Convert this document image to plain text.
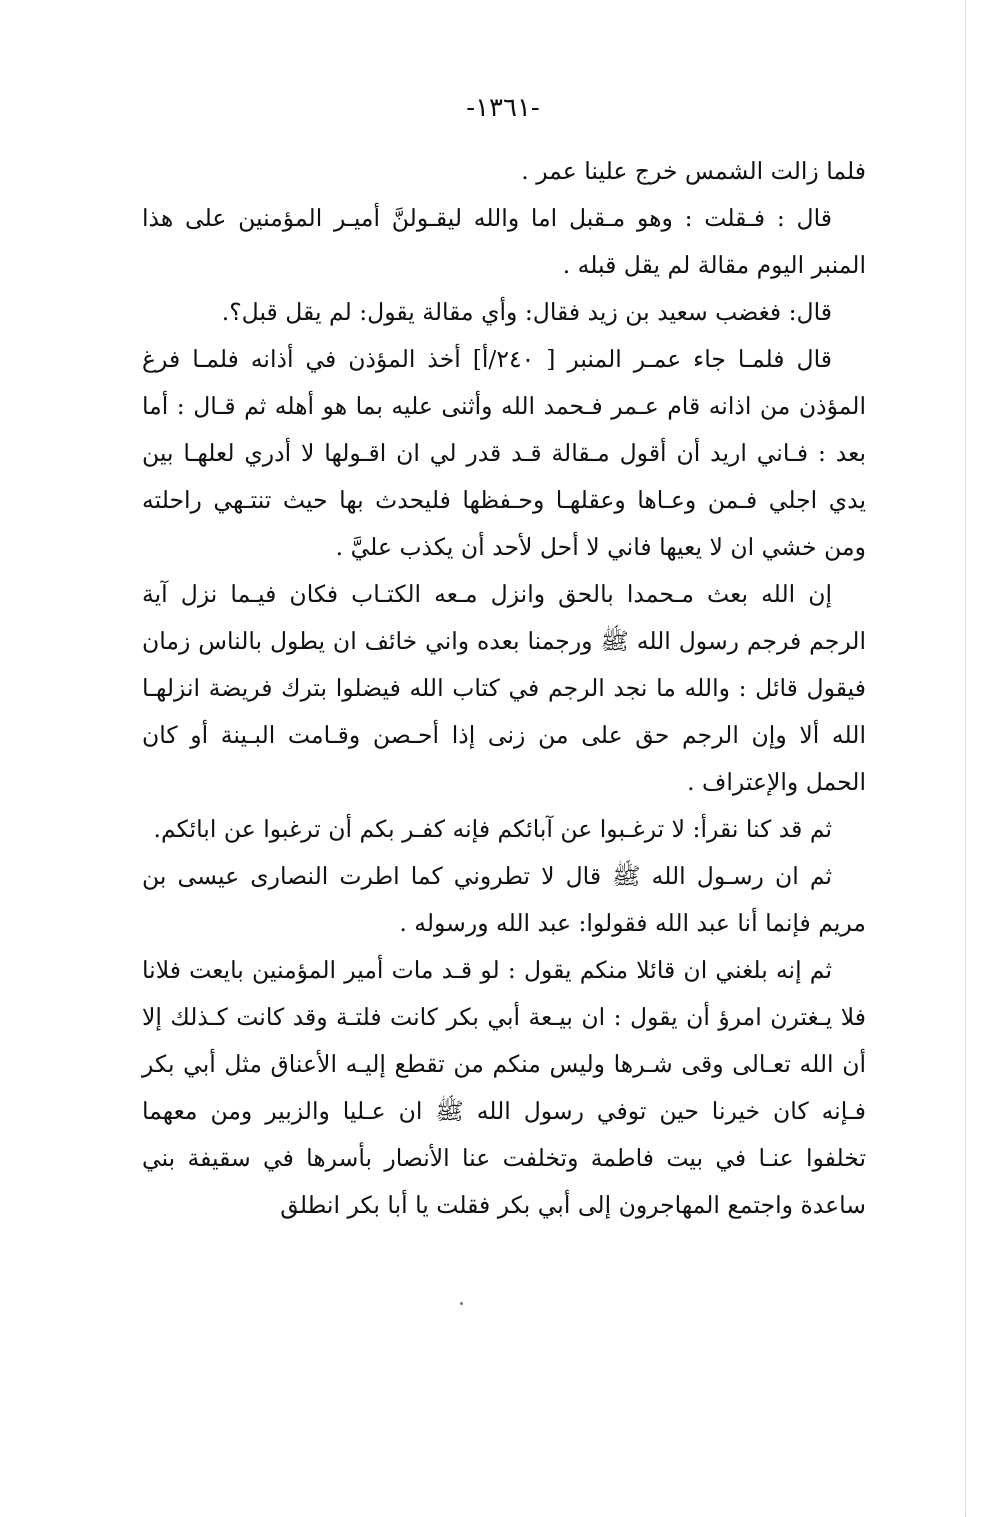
-١٣٦١-

فلما زالت الشمس خرج علينا عمر .

قال : فـقلت : وهو مـقبل اما والله ليقـولنَّ أميـر المؤمنين على هذا المنبر اليوم مقالة لم يقل قبله .

قال: فغضب سعيد بن زيد فقال: وأي مقالة يقول: لم يقل قبل؟.

قال فلمـا جاء عمـر المنبر [ ٢٤٠/أ] أخذ المؤذن في أذانه فلمـا فرغ المؤذن من اذانه قام عـمر فـحمد الله وأثنى عليه بما هو أهله ثم قـال : أما بعد : فـاني اريد أن أقول مـقالة قـد قدر لي ان اقـولها لا أدري لعلهـا بين يدي اجلي فـمن وعـاها وعقلهـا وحـفظها فليحدث بها حيث تنتـهي راحلته ومن خشي ان لا يعيها فاني لا أحل لأحد أن يكذب عليَّ .

إن الله بعث مـحمدا بالحق وانزل مـعه الكتـاب فكان فيـما نزل آية الرجم فرجم رسول الله ﷺ ورجمنا بعده واني خائف ان يطول بالناس زمان فيقول قائل : والله ما نجد الرجم في كتاب الله فيضلوا بترك فريضة انزلهـا الله ألا وإن الرجم حق على من زنى إذا أحـصن وقـامت البـينة أو كان الحمل والإعتراف .

ثم قد كنا نقرأ: لا ترغـبوا عن آبائكم فإنه كفـر بكم أن ترغبوا عن ابائكم.

ثم ان رسـول الله ﷺ قال لا تطروني كما اطرت النصارى عيسى بن مريم فإنما أنا عبد الله فقولوا: عبد الله ورسوله .

ثم إنه بلغني ان قائلا منكم يقول : لو قـد مات أمير المؤمنين بايعت فلانا فلا يـغترن امرؤ أن يقول : ان بيـعة أبي بكر كانت فلتـة وقد كانت كـذلك إلا أن الله تعـالى وقى شـرها وليس منكم من تقطع إليـه الأعناق مثل أبي بكر فـإنه كان خيرنا حين توفي رسول الله ﷺ ان عـليا والزبير ومن معهما تخلفوا عنـا في بيت فاطمة وتخلفت عنا الأنصار بأسرها في سقيفة بني ساعدة واجتمع المهاجرون إلى أبي بكر فقلت يا أبا بكر انطلق
